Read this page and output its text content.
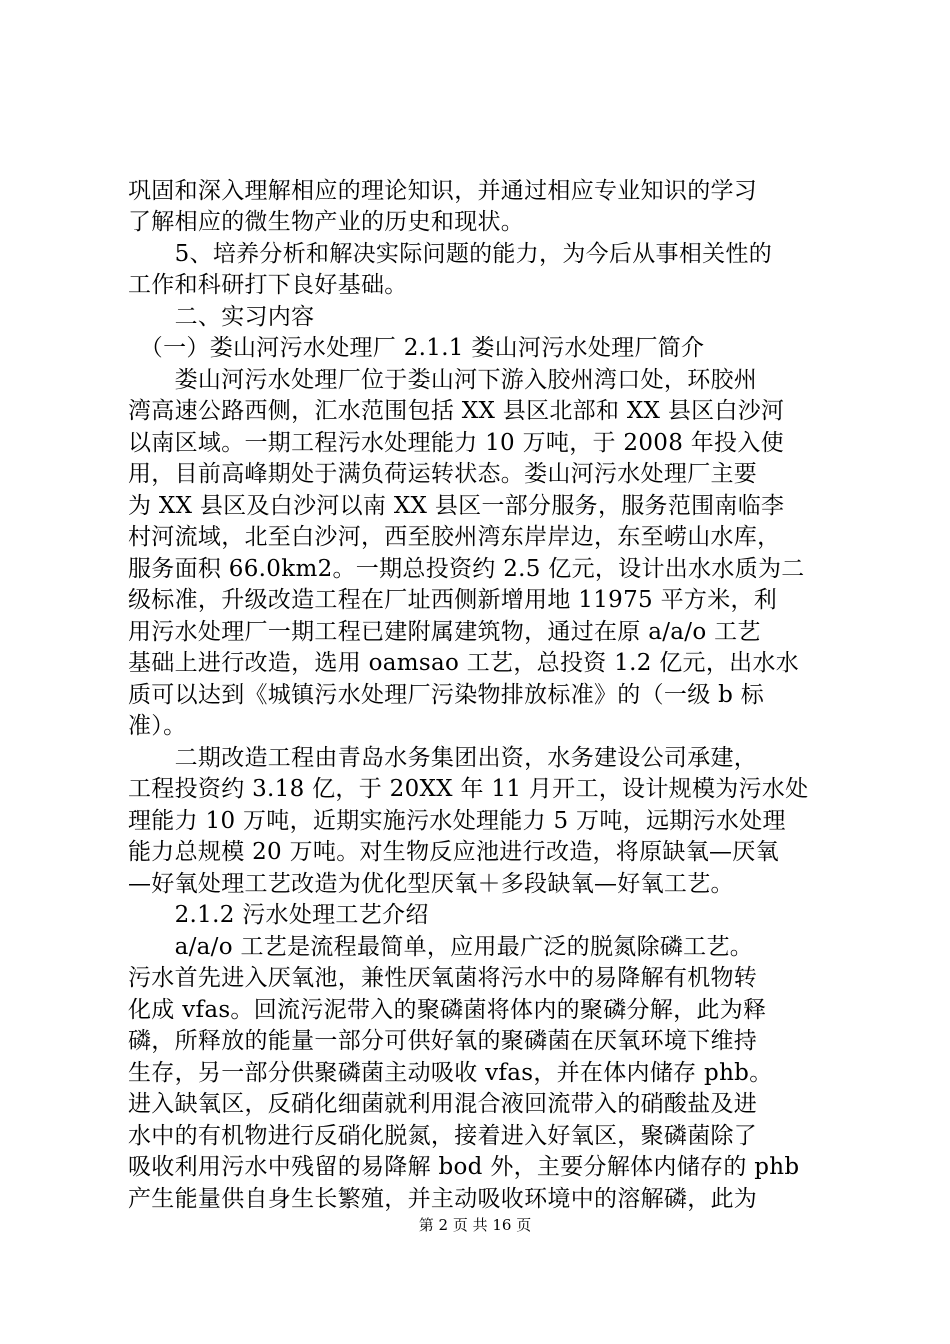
巩固和深入理解相应的理论知识，并通过相应专业知识的学习
了解相应的微生物产业的历史和现状。
　　5、培养分析和解决实际问题的能力，为今后从事相关性的
工作和科研打下良好基础。
　　二、实习内容
　（一）娄山河污水处理厂 2.1.1 娄山河污水处理厂简介
　　娄山河污水处理厂位于娄山河下游入胶州湾口处，环胶州
湾高速公路西侧，汇水范围包括 XX 县区北部和 XX 县区白沙河
以南区域。一期工程污水处理能力 10 万吨，于 2008 年投入使
用，目前高峰期处于满负荷运转状态。娄山河污水处理厂主要
为 XX 县区及白沙河以南 XX 县区一部分服务，服务范围南临李
村河流域，北至白沙河，西至胶州湾东岸岸边，东至崂山水库，
服务面积 66.0km2。一期总投资约 2.5 亿元，设计出水水质为二
级标准，升级改造工程在厂址西侧新增用地 11975 平方米，利
用污水处理厂一期工程已建附属建筑物，通过在原 a/a/o 工艺
基础上进行改造，选用 oamsao 工艺，总投资 1.2 亿元，出水水
质可以达到《城镇污水处理厂污染物排放标准》的（一级 b 标
准）。
　　二期改造工程由青岛水务集团出资，水务建设公司承建，
工程投资约 3.18 亿，于 20XX 年 11 月开工，设计规模为污水处
理能力 10 万吨，近期实施污水处理能力 5 万吨，远期污水处理
能力总规模 20 万吨。对生物反应池进行改造，将原缺氧—厌氧
—好氧处理工艺改造为优化型厌氧＋多段缺氧—好氧工艺。
　　2.1.2 污水处理工艺介绍
　　a/a/o 工艺是流程最简单，应用最广泛的脱氮除磷工艺。
污水首先进入厌氧池，兼性厌氧菌将污水中的易降解有机物转
化成 vfas。回流污泥带入的聚磷菌将体内的聚磷分解，此为释
磷，所释放的能量一部分可供好氧的聚磷菌在厌氧环境下维持
生存，另一部分供聚磷菌主动吸收 vfas，并在体内储存 phb。
进入缺氧区，反硝化细菌就利用混合液回流带入的硝酸盐及进
水中的有机物进行反硝化脱氮，接着进入好氧区，聚磷菌除了
吸收利用污水中残留的易降解 bod 外，主要分解体内储存的 phb
产生能量供自身生长繁殖，并主动吸收环境中的溶解磷，此为
第 2 页 共 16 页
